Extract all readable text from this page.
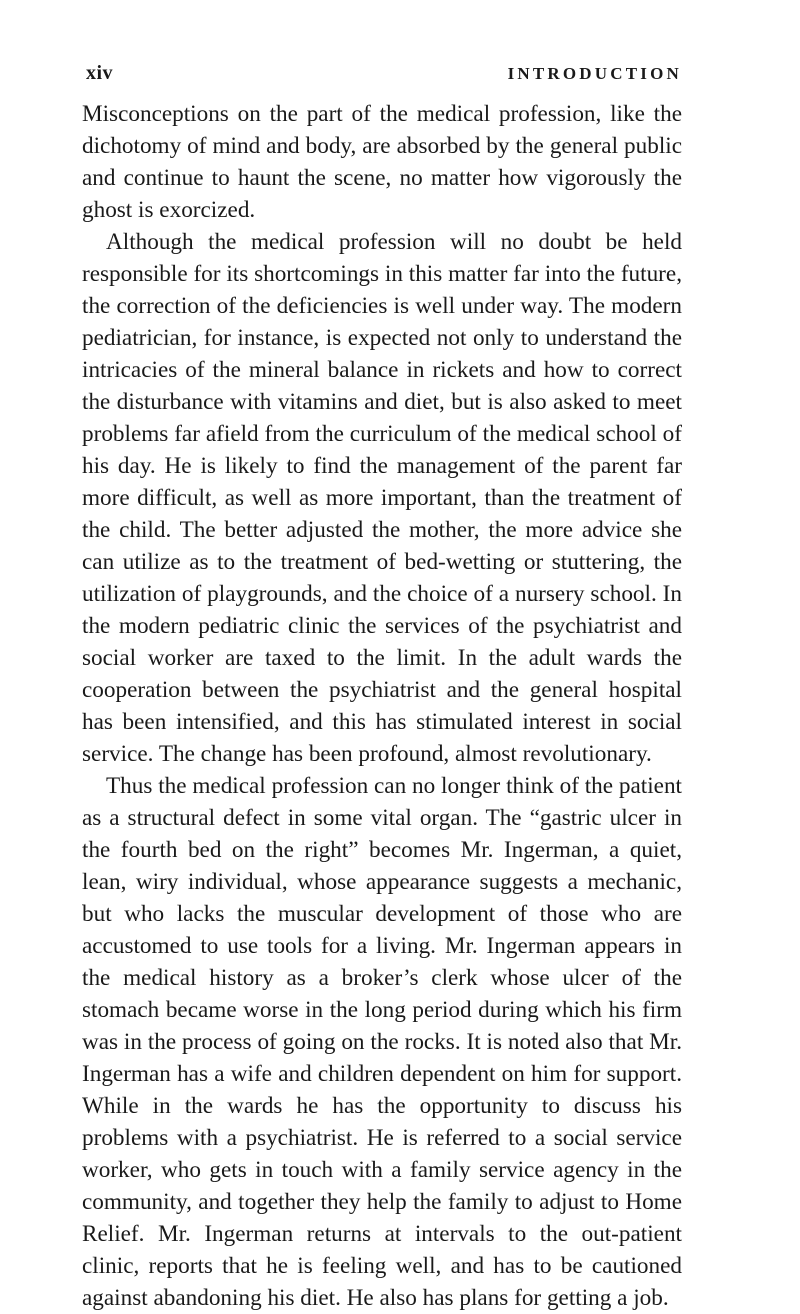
xiv	INTRODUCTION

Misconceptions on the part of the medical profession, like the dichotomy of mind and body, are absorbed by the general public and continue to haunt the scene, no matter how vigorously the ghost is exorcized.

Although the medical profession will no doubt be held responsible for its shortcomings in this matter far into the future, the correction of the deficiencies is well under way. The modern pediatrician, for instance, is expected not only to understand the intricacies of the mineral balance in rickets and how to correct the disturbance with vitamins and diet, but is also asked to meet problems far afield from the curriculum of the medical school of his day. He is likely to find the management of the parent far more difficult, as well as more important, than the treatment of the child. The better adjusted the mother, the more advice she can utilize as to the treatment of bed-wetting or stuttering, the utilization of playgrounds, and the choice of a nursery school. In the modern pediatric clinic the services of the psychiatrist and social worker are taxed to the limit. In the adult wards the cooperation between the psychiatrist and the general hospital has been intensified, and this has stimulated interest in social service. The change has been profound, almost revolutionary.

Thus the medical profession can no longer think of the patient as a structural defect in some vital organ. The “gastric ulcer in the fourth bed on the right” becomes Mr. Ingerman, a quiet, lean, wiry individual, whose appearance suggests a mechanic, but who lacks the muscular development of those who are accustomed to use tools for a living. Mr. Ingerman appears in the medical history as a broker’s clerk whose ulcer of the stomach became worse in the long period during which his firm was in the process of going on the rocks. It is noted also that Mr. Ingerman has a wife and children dependent on him for support. While in the wards he has the opportunity to discuss his problems with a psychiatrist. He is referred to a social service worker, who gets in touch with a family service agency in the community, and together they help the family to adjust to Home Relief. Mr. Ingerman returns at intervals to the out-patient clinic, reports that he is feeling well, and has to be cautioned against abandoning his diet. He also has plans for getting a job.
